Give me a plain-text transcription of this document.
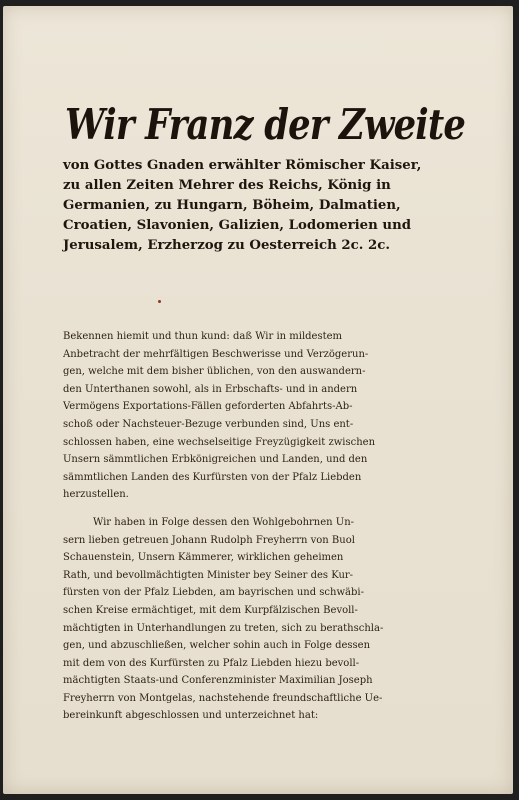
Wir Franz der Zweite
von Gottes Gnaden erwählter Römischer Kaiser,
zu allen Zeiten Mehrer des Reichs, König in
Germanien, zu Hungarn, Böheim, Dalmatien,
Croatien, Slavonien, Galizien, Lodomerien und
Jerusalem, Erzherzog zu Oesterreich 2c. 2c.
Bekennen hiemit und thun kund: daß Wir in mildestem
Anbetracht der mehrfältigen Beschwerisse und Verzögerun-
gen, welche mit dem bisher üblichen, von den auswandern-
den Unterthanen sowohl, als in Erbschafts- und in andern
Vermögens Exportations-Fällen geforderten Abfahrts-Ab-
schoß oder Nachsteuer-Bezuge verbunden sind, Uns ent-
schlossen haben, eine wechselseitige Freyzügigkeit zwischen
Unsern sämmtlichen Erbkönigreichen und Landen, und den
sämmtlichen Landen des Kurfürsten von der Pfalz Liebden
herzustellen.
Wir haben in Folge dessen den Wohlgebohrnen Un-
sern lieben getreuen Johann Rudolph Freyherrn von Buol
Schauenstein, Unsern Kämmerer, wirklichen geheimen
Rath, und bevollmächtigten Minister bey Seiner des Kur-
fürsten von der Pfalz Liebden, am bayrischen und schwäbi-
schen Kreise ermächtiget, mit dem Kurpfälzischen Bevoll-
mächtigten in Unterhandlungen zu treten, sich zu berathschla-
gen, und abzuschließen, welcher sohin auch in Folge dessen
mit dem von des Kurfürsten zu Pfalz Liebden hiezu bevoll-
mächtigten Staats-und Conferenzminister Maximilian Joseph
Freyherrn von Montgelas, nachstehende freundschaftliche Ue-
bereinkunft abgeschlossen und unterzeichnet hat:
